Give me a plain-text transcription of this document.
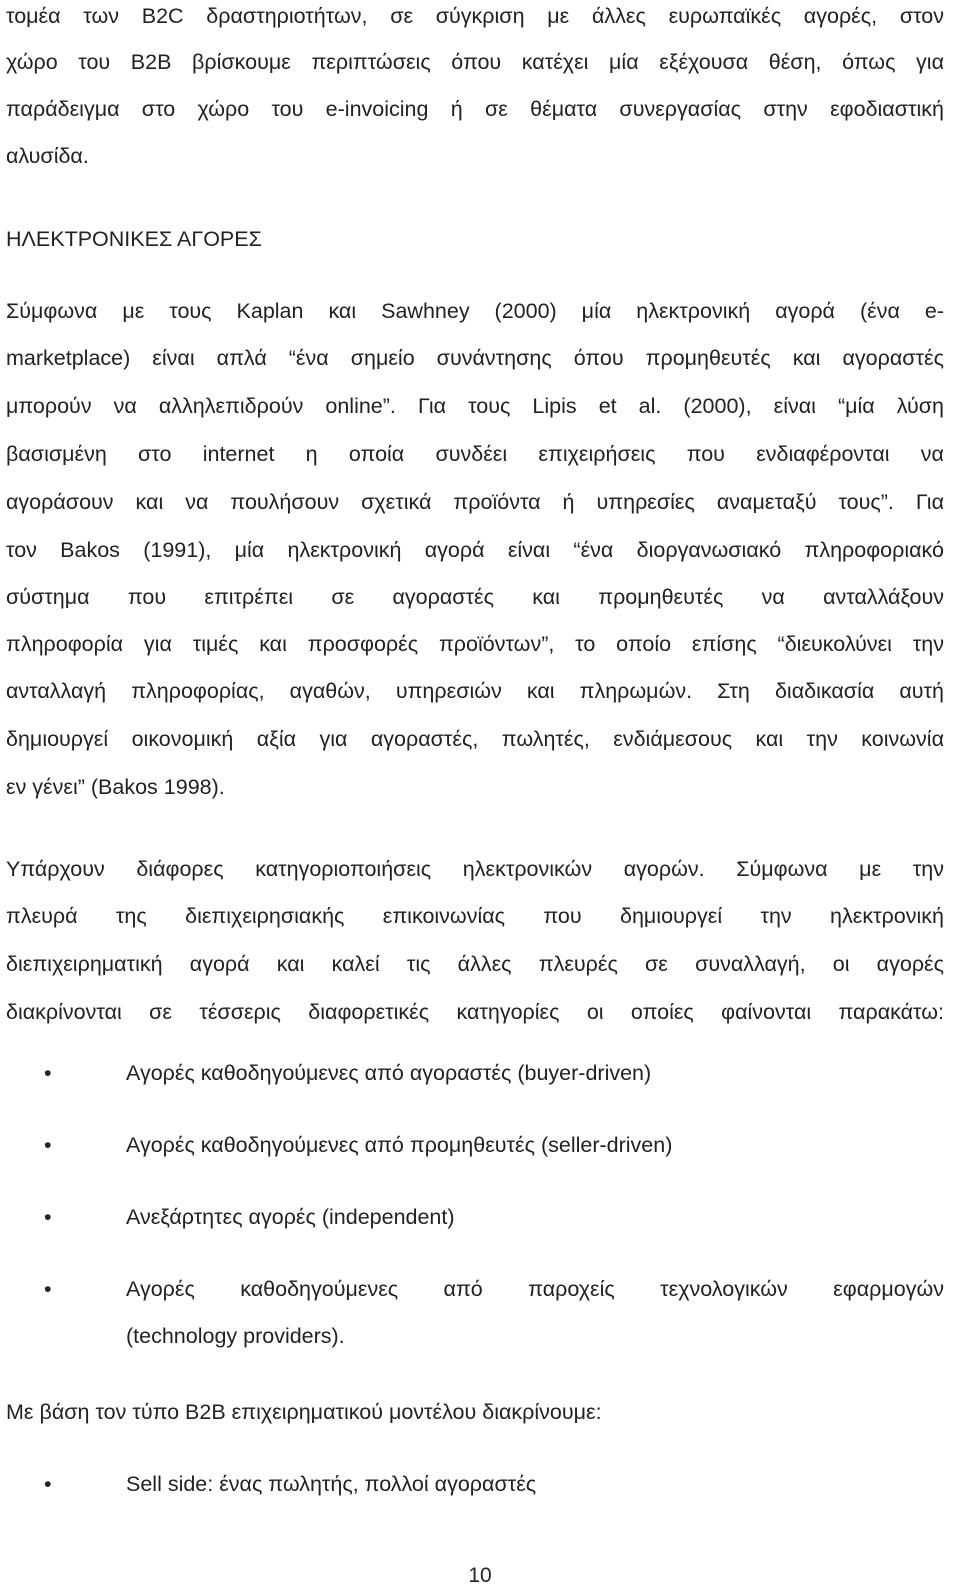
τομέα των B2C δραστηριοτήτων, σε σύγκριση με άλλες ευρωπαϊκές αγορές, στον
χώρο του B2B βρίσκουμε περιπτώσεις όπου κατέχει μία εξέχουσα θέση, όπως για
παράδειγμα στο χώρο του e-invoicing ή σε θέματα συνεργασίας στην εφοδιαστική
αλυσίδα.
ΗΛΕΚΤΡΟΝΙΚΕΣ ΑΓΟΡΕΣ
Σύμφωνα με τους Kaplan και Sawhney (2000) μία ηλεκτρονική αγορά (ένα e-
marketplace) είναι απλά “ένα σημείο συνάντησης όπου προμηθευτές και αγοραστές
μπορούν να αλληλεπιδρούν online”. Για τους Lipis et al. (2000), είναι “μία λύση
βασισμένη στο internet η οποία συνδέει επιχειρήσεις που ενδιαφέρονται να
αγοράσουν και να πουλήσουν σχετικά προϊόντα ή υπηρεσίες αναμεταξύ τους”. Για
τον Bakos (1991), μία ηλεκτρονική αγορά είναι “ένα διοργανωσιακό πληροφοριακό
σύστημα που επιτρέπει σε αγοραστές και προμηθευτές να ανταλλάξουν
πληροφορία για τιμές και προσφορές προϊόντων”, το οποίο επίσης “διευκολύνει την
ανταλλαγή πληροφορίας, αγαθών, υπηρεσιών και πληρωμών. Στη διαδικασία αυτή
δημιουργεί οικονομική αξία για αγοραστές, πωλητές, ενδιάμεσους και την κοινωνία
εν γένει” (Bakos 1998).
Υπάρχουν διάφορες κατηγοριοποιήσεις ηλεκτρονικών αγορών. Σύμφωνα με την
πλευρά της διεπιχειρησιακής επικοινωνίας που δημιουργεί την ηλεκτρονική
διεπιχειρηματική αγορά και καλεί τις άλλες πλευρές σε συναλλαγή, οι αγορές
διακρίνονται σε τέσσερις διαφορετικές κατηγορίες οι οποίες φαίνονται παρακάτω:
•	Αγορές καθοδηγούμενες από αγοραστές (buyer-driven)
•	Αγορές καθοδηγούμενες από προμηθευτές (seller-driven)
•	Ανεξάρτητες αγορές (independent)
•	Αγορές καθοδηγούμενες από παροχείς τεχνολογικών εφαρμογών
(technology providers).
Με βάση τον τύπο B2B επιχειρηματικού μοντέλου διακρίνουμε:
•	Sell side: ένας πωλητής, πολλοί αγοραστές
10
